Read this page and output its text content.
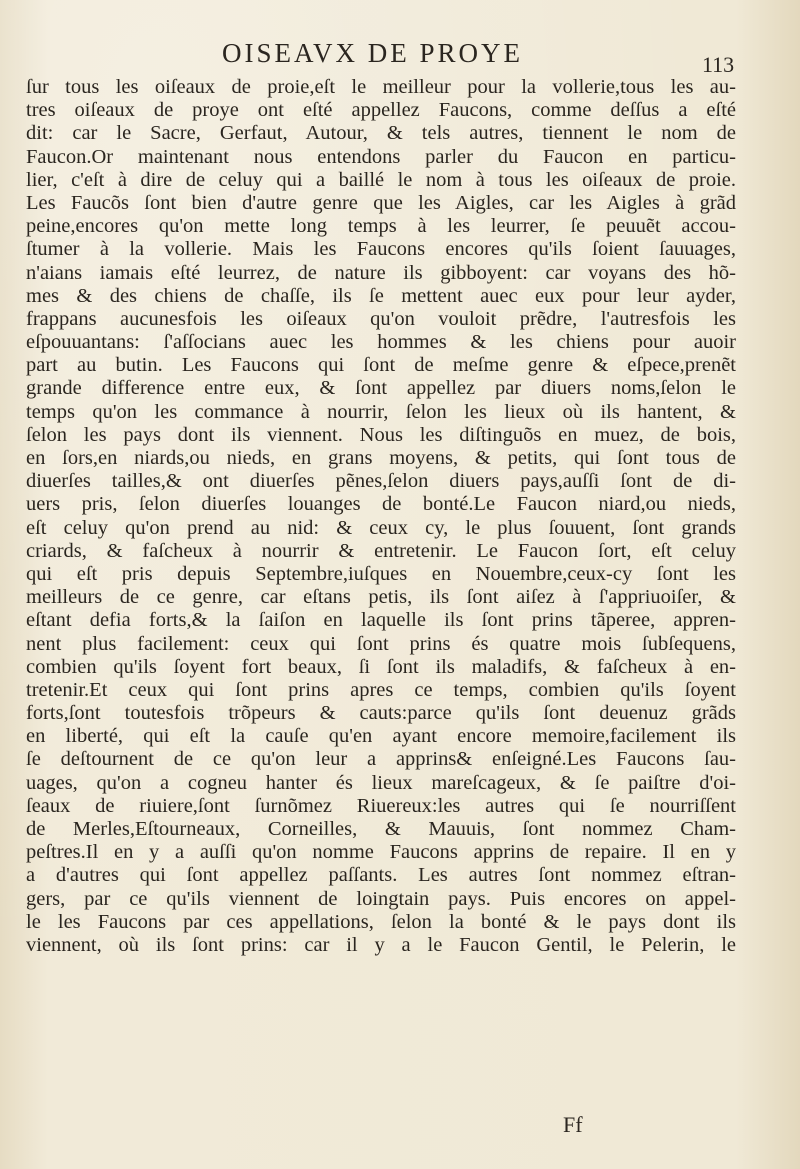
OISEAVX DE PROYE	113
ſur tous les oiſeaux de proie,eſt le meilleur pour la vollerie,tous les au-
tres oiſeaux de proye ont eſté appellez Faucons, comme deſſus a eſté
dit: car le Sacre, Gerfaut, Autour, & tels autres, tiennent le nom de
Faucon.Or maintenant nous entendons parler du Faucon en particu-
lier, c'eſt à dire de celuy qui a baillé le nom à tous les oiſeaux de proie.
Les Faucõs ſont bien d'autre genre que les Aigles, car les Aigles à grãd
peine,encores qu'on mette long temps à les leurrer, ſe peuuẽt accou-
ſtumer à la vollerie. Mais les Faucons encores qu'ils ſoient ſauuages,
n'aians iamais eſté leurrez, de nature ils gibboyent: car voyans des hõ-
mes & des chiens de chaſſe, ils ſe mettent auec eux pour leur ayder,
frappans aucunesfois les oiſeaux qu'on vouloit prẽdre, l'autresfois les
eſpouuantans: ſ'aſſocians auec les hommes & les chiens pour auoir
part au butin. Les Faucons qui ſont de meſme genre & eſpece,prenẽt
grande difference entre eux, & ſont appellez par diuers noms,ſelon le
temps qu'on les commance à nourrir, ſelon les lieux où ils hantent, &
ſelon les pays dont ils viennent. Nous les diſtinguõs en muez, de bois,
en ſors,en niards,ou nieds, en grans moyens, & petits, qui ſont tous de
diuerſes tailles,& ont diuerſes pẽnes,ſelon diuers pays,auſſi ſont de di-
uers pris, ſelon diuerſes louanges de bonté.Le Faucon niard,ou nieds,
eſt celuy qu'on prend au nid: & ceux cy, le plus ſouuent, ſont grands
criards, & faſcheux à nourrir & entretenir. Le Faucon ſort, eſt celuy
qui eſt pris depuis Septembre,iuſques en Nouembre,ceux-cy ſont les
meilleurs de ce genre, car eſtans petis, ils ſont aiſez à ſ'appriuoiſer, &
eſtant defia forts,& la ſaiſon en laquelle ils ſont prins tãperee, appren-
nent plus facilement: ceux qui ſont prins és quatre mois ſubſequens,
combien qu'ils ſoyent fort beaux, ſi ſont ils maladifs, & faſcheux à en-
tretenir.Et ceux qui ſont prins apres ce temps, combien qu'ils ſoyent
forts,ſont toutesfois trõpeurs & cauts:parce qu'ils ſont deuenuz grãds
en liberté, qui eſt la cauſe qu'en ayant encore memoire,facilement ils
ſe deſtournent de ce qu'on leur a apprins& enſeigné.Les Faucons ſau-
uages, qu'on a cogneu hanter és lieux mareſcageux, & ſe paiſtre d'oi-
ſeaux de riuiere,ſont ſurnõmez Riuereux:les autres qui ſe nourriſſent
de Merles,Eſtourneaux, Corneilles, & Mauuis, ſont nommez Cham-
peſtres.Il en y a auſſi qu'on nomme Faucons apprins de repaire. Il en y
a d'autres qui ſont appellez paſſants. Les autres ſont nommez eſtran-
gers, par ce qu'ils viennent de loingtain pays. Puis encores on appel-
le les Faucons par ces appellations, ſelon la bonté & le pays dont ils
viennent, où ils ſont prins: car il y a le Faucon Gentil, le Pelerin, le
Ff
